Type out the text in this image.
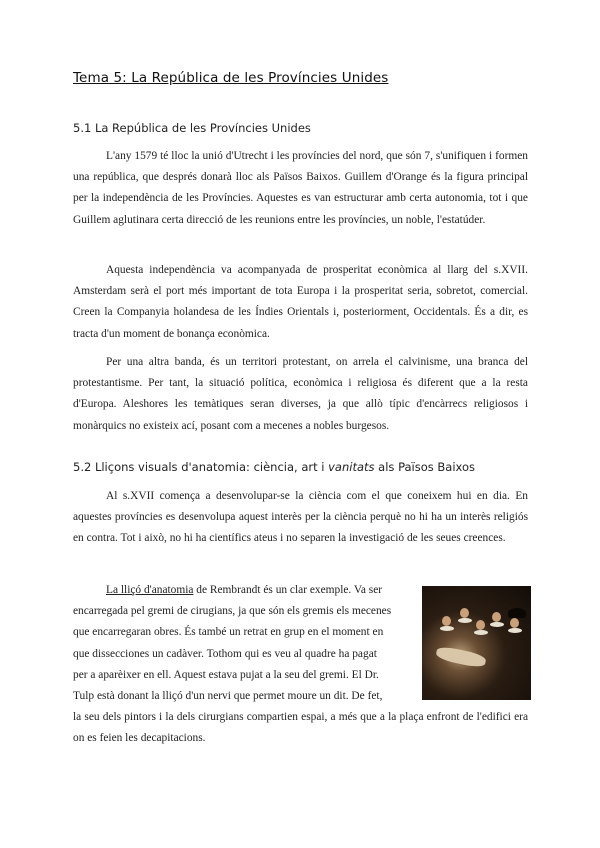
Tema 5: La República de les Províncies Unides
5.1 La República de les Províncies Unides

L'any 1579 té lloc la unió d'Utrecht i les províncies del nord, que són 7, s'unifiquen i formen una república, que després donarà lloc als Països Baixos. Guillem d'Orange és la figura principal per la independència de les Províncies. Aquestes es van estructurar amb certa autonomia, tot i que Guillem aglutinara certa direcció de les reunions entre les províncies, un noble, l'estatúder.

Aquesta independència va acompanyada de prosperitat econòmica al llarg del s.XVII. Amsterdam serà el port més important de tota Europa i la prosperitat seria, sobretot, comercial. Creen la Companyia holandesa de les Índies Orientals i, posteriorment, Occidentals. És a dir, es tracta d'un moment de bonança econòmica.

Per una altra banda, és un territori protestant, on arrela el calvinisme, una branca del protestantisme. Per tant, la situació política, econòmica i religiosa és diferent que a la resta d'Europa. Aleshores les temàtiques seran diverses, ja que allò típic d'encàrrecs religiosos i monàrquics no existeix ací, posant com a mecenes a nobles burgesos.

5.2 Lliçons visuals d'anatomia: ciència, art i vanitats als Països Baixos

Al s.XVII comença a desenvolupar-se la ciència com el que coneixem hui en dia. En aquestes províncies es desenvolupa aquest interès per la ciència perquè no hi ha un interès religiós en contra. Tot i això, no hi ha científics ateus i no separen la investigació de les seues creences.

La lliçó d'anatomia de Rembrandt és un clar exemple. Va ser
encarregada pel gremi de cirugians, ja que són els gremis els mecenes
que encarregaran obres. És també un retrat en grup en el moment en
que dissecciones un cadàver. Tothom qui es veu al quadre ha pagat
per a aparèixer en ell. Aquest estava pujat a la seu del gremi. El Dr.
Tulp està donant la lliçó d'un nervi que permet moure un dit. De fet,

la seu dels pintors i la dels cirurgians compartien espai, a més que a la plaça enfront de l'edifici era on es feien les decapitacions.
